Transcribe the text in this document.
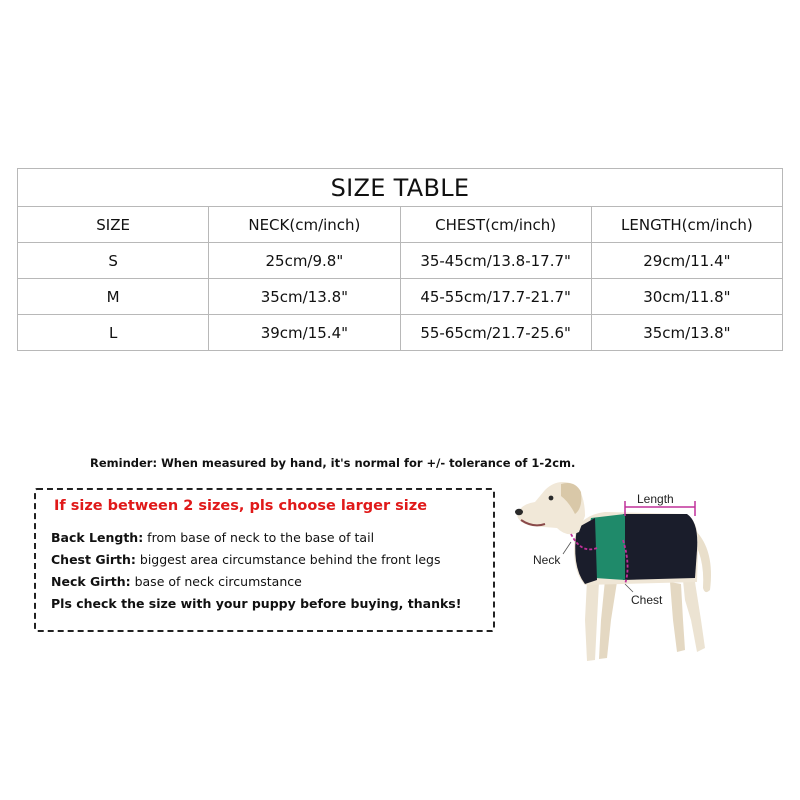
SIZE TABLE			
SIZE	NECK(cm/inch)	CHEST(cm/inch)	LENGTH(cm/inch)
S	25cm/9.8"	35-45cm/13.8-17.7"	29cm/11.4"
M	35cm/13.8"	45-55cm/17.7-21.7"	30cm/11.8"
L	39cm/15.4"	55-65cm/21.7-25.6"	35cm/13.8"
Reminder: When measured by hand, it's normal for +/- tolerance of 1-2cm.
If size between 2 sizes, pls choose larger size
Back Length: from base of neck to the base of tail
Chest Girth: biggest area circumstance behind the front legs
Neck Girth: base of neck circumstance
Pls check the size with your puppy before buying, thanks!
Length
Neck
Chest
